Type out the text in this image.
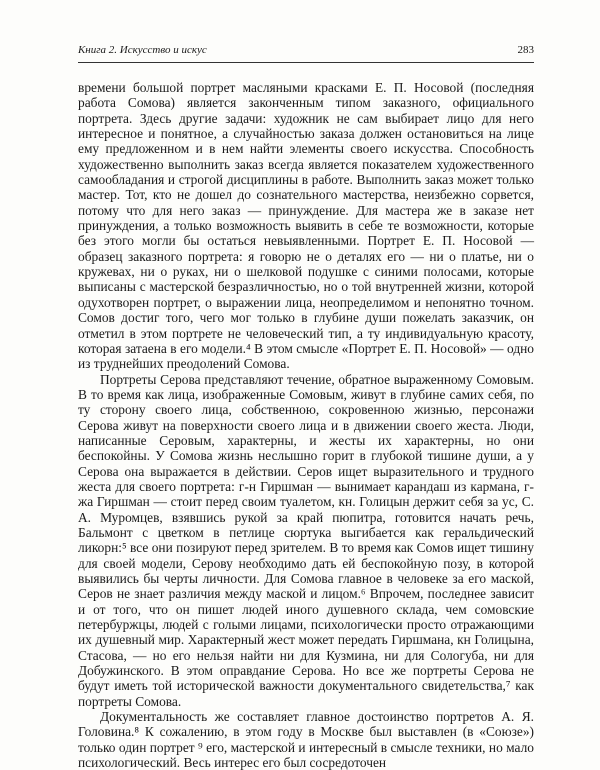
Книга 2. Искусство и искус	283

времени большой портрет масляными красками Е. П. Носовой (последняя работа Сомова) является законченным типом заказного, официального портрета. Здесь другие задачи: художник не сам выбирает лицо для него интересное и понятное, а случайностью заказа должен остановиться на лице ему предложенном и в нем найти элементы своего искусства. Способность художественно выполнить заказ всегда является показателем художественного самообладания и строгой дисциплины в работе. Выполнить заказ может только мастер. Тот, кто не дошел до сознательного мастерства, неизбежно сорвется, потому что для него заказ — принуждение. Для мастера же в заказе нет принуждения, а только возможность выявить в себе те возможности, которые без этого могли бы остаться невыявленными. Портрет Е. П. Носовой — образец заказного портрета: я говорю не о деталях его — ни о платье, ни о кружевах, ни о руках, ни о шелковой подушке с синими полосами, которые выписаны с мастерской безразличностью, но о той внутренней жизни, которой одухотворен портрет, о выражении лица, неопределимом и непонятно точном. Сомов достиг того, чего мог только в глубине души пожелать заказчик, он отметил в этом портрете не человеческий тип, а ту индивидуальную красоту, которая затаена в его модели.⁴ В этом смысле «Портрет Е. П. Носовой» — одно из труднейших преодолений Сомова.

Портреты Серова представляют течение, обратное выраженному Сомовым. В то время как лица, изображенные Сомовым, живут в глубине самих себя, по ту сторону своего лица, собственною, сокровенною жизнью, персонажи Серова живут на поверхности своего лица и в движении своего жеста. Люди, написанные Серовым, характерны, и жесты их характерны, но они беспокойны. У Сомова жизнь неслышно горит в глубокой тишине души, а у Серова она выражается в действии. Серов ищет выразительного и трудного жеста для своего портрета: г-н Гиршман — вынимает карандаш из кармана, г-жа Гиршман — стоит перед своим туалетом, кн. Голицын держит себя за ус, С. А. Муромцев, взявшись рукой за край пюпитра, готовится начать речь, Бальмонт с цветком в петлице сюртука выгибается как геральдический ликорн:⁵ все они позируют перед зрителем. В то время как Сомов ищет тишину для своей модели, Серову необходимо дать ей беспокойную позу, в которой выявились бы черты личности. Для Сомова главное в человеке за его маской, Серов не знает различия между маской и лицом.⁶ Впрочем, последнее зависит и от того, что он пишет людей иного душевного склада, чем сомовские петербуржцы, людей с голыми лицами, психологически просто отражающими их душевный мир. Характерный жест может передать Гиршмана, кн Голицына, Стасова, — но его нельзя найти ни для Кузмина, ни для Сологуба, ни для Добужинского. В этом оправдание Серова. Но все же портреты Серова не будут иметь той исторической важности документального свидетельства,⁷ как портреты Сомова.

Документальность же составляет главное достоинство портретов А. Я. Головина.⁸ К сожалению, в этом году в Москве был выставлен (в «Союзе») только один портрет ⁹ его, мастерской и интересный в смысле техники, но мало психологический. Весь интерес его был сосредоточен
